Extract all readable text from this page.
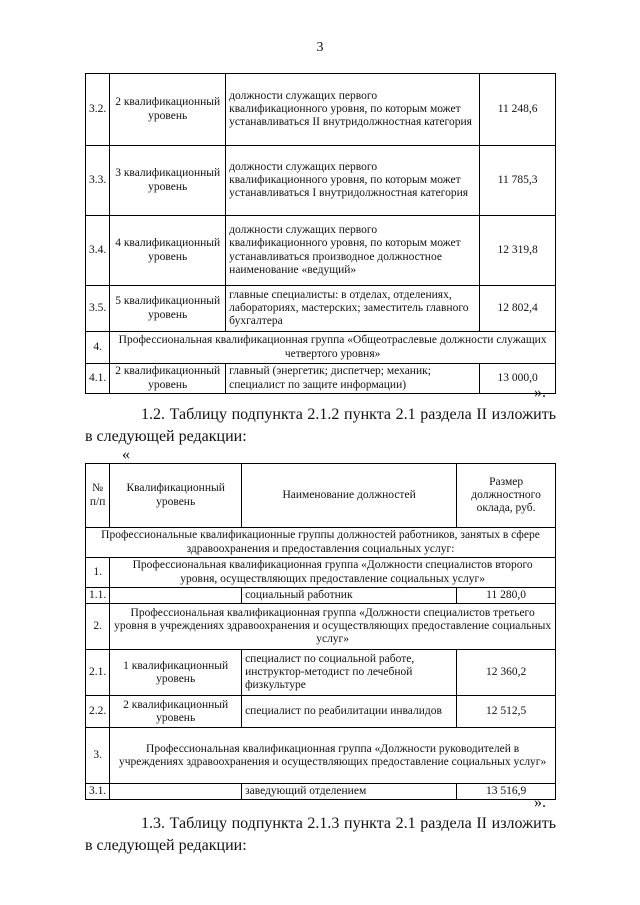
3
3.2.	2 квалификационный уровень	должности служащих первого квалификационного уровня, по которым может устанавливаться II внутридолжностная категория	11 248,6
3.3.	3 квалификационный уровень	должности служащих первого квалификационного уровня, по которым может устанавливаться I внутридолжностная категория	11 785,3
3.4.	4 квалификационный уровень	должности служащих первого квалификационного уровня, по которым может устанавливаться производное должностное наименование «ведущий»	12 319,8
3.5.	5 квалификационный уровень	главные специалисты: в отделах, отделениях, лабораториях, мастерских; заместитель главного бухгалтера	12 802,4
4.	Профессиональная квалификационная группа «Общеотраслевые должности служащих четвертого уровня»		
4.1.	2 квалификационный уровень	главный (энергетик; диспетчер; механик; специалист по защите информации)	13 000,0
».
1.2. Таблицу подпункта 2.1.2 пункта 2.1 раздела II изложить в следующей редакции:
«
№ п/п	Квалификационный уровень	Наименование должностей	Размер должностного оклада, руб.
Профессиональные квалификационные группы должностей работников, занятых в сфере здравоохранения и предоставления социальных услуг:			
1.	Профессиональная квалификационная группа «Должности специалистов второго уровня, осуществляющих предоставление социальных услуг»		
1.1.		социальный работник	11 280,0
2.	Профессиональная квалификационная группа «Должности специалистов третьего уровня в учреждениях здравоохранения и осуществляющих предоставление социальных услуг»		
2.1.	1 квалификационный уровень	специалист по социальной работе, инструктор-методист по лечебной физкультуре	12 360,2
2.2.	2 квалификационный уровень	специалист по реабилитации инвалидов	12 512,5
3.	Профессиональная квалификационная группа «Должности руководителей в учреждениях здравоохранения и осуществляющих предоставление социальных услуг»		
3.1.		заведующий отделением	13 516,9
».
1.3. Таблицу подпункта 2.1.3 пункта 2.1 раздела II изложить в следующей редакции:
